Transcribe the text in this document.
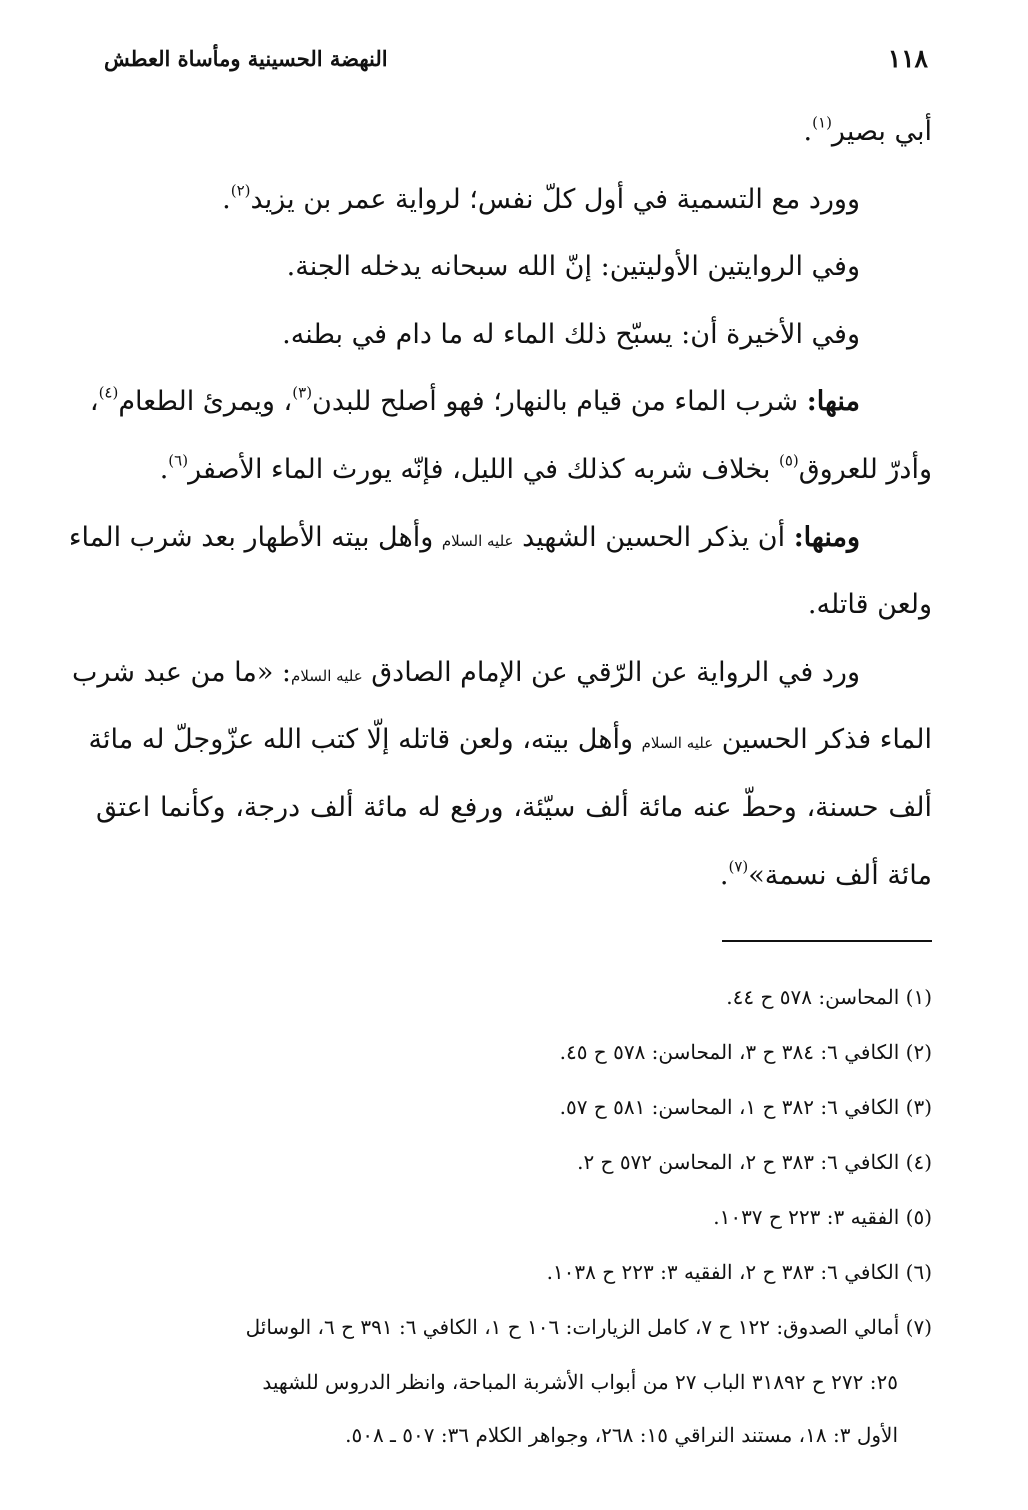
١١٨
النهضة الحسينية ومأساة العطش
أبي بصير$^{(١)}$.
وورد مع التسمية في أول كلّ نفس؛ لرواية عمر بن يزيد$^{(٢)}$.
وفي الروايتين الأوليتين: إنّ الله سبحانه يدخله الجنة.
وفي الأخيرة أن: يسبّح ذلك الماء له ما دام في بطنه.
منها: شرب الماء من قيام بالنهار؛ فهو أصلح للبدن$^{(٣)}$، ويمرئ الطعام$^{(٤)}$،
وأدرّ للعروق$^{(٥)}$ بخلاف شربه كذلك في الليل، فإنّه يورث الماء الأصفر$^{(٦)}$.
ومنها: أن يذكر الحسين الشهيد عليه السلام وأهل بيته الأطهار بعد شرب الماء
ولعن قاتله.
ورد في الرواية عن الرّقي عن الإمام الصادق عليه السلام: «ما من عبد شرب
الماء فذكر الحسين عليه السلام وأهل بيته، ولعن قاتله إلّا كتب الله عزّوجلّ له مائة
ألف حسنة، وحطّ عنه مائة ألف سيّئة، ورفع له مائة ألف درجة، وكأنما اعتق
مائة ألف نسمة»$^{(٧)}$.
(١) المحاسن: ٥٧٨ ح ٤٤.
(٢) الكافي ٦: ٣٨٤ ح ٣، المحاسن: ٥٧٨ ح ٤٥.
(٣) الكافي ٦: ٣٨٢ ح ١، المحاسن: ٥٨١ ح ٥٧.
(٤) الكافي ٦: ٣٨٣ ح ٢، المحاسن ٥٧٢ ح ٢.
(٥) الفقيه ٣: ٢٢٣ ح ١٠٣٧.
(٦) الكافي ٦: ٣٨٣ ح ٢، الفقيه ٣: ٢٢٣ ح ١٠٣٨.
(٧) أمالي الصدوق: ١٢٢ ح ٧، كامل الزيارات: ١٠٦ ح ١، الكافي ٦: ٣٩١ ح ٦، الوسائل
٢٥: ٢٧٢ ح ٣١٨٩٢ الباب ٢٧ من أبواب الأشربة المباحة، وانظر الدروس للشهيد
الأول ٣: ١٨، مستند النراقي ١٥: ٢٦٨، وجواهر الكلام ٣٦: ٥٠٧ ـ ٥٠٨.
